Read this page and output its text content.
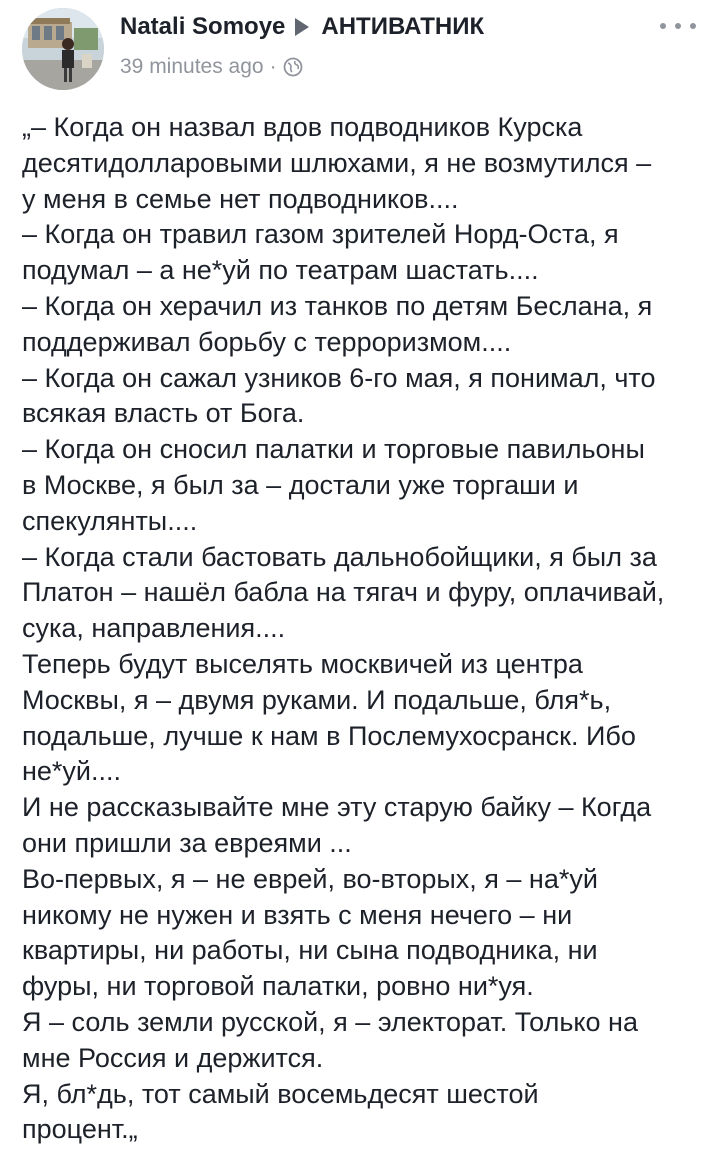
Natali Somoye АНТИВАТНИК
39 minutes ago ·
„– Когда он назвал вдов подводников Курска
десятидолларовыми шлюхами, я не возмутился –
у меня в семье нет подводников....
– Когда он травил газом зрителей Норд-Оста, я
подумал – а не*уй по театрам шастать....
– Когда он херачил из танков по детям Беслана, я
поддерживал борьбу с терроризмом....
– Когда он сажал узников 6-го мая, я понимал, что
всякая власть от Бога.
– Когда он сносил палатки и торговые павильоны
в Москве, я был за – достали уже торгаши и
спекулянты....
– Когда стали бастовать дальнобойщики, я был за
Платон – нашёл бабла на тягач и фуру, оплачивай,
сука, направления....
Теперь будут выселять москвичей из центра
Москвы, я – двумя руками. И подальше, бля*ь,
подальше, лучше к нам в Послемухосранск. Ибо
не*уй....
И не рассказывайте мне эту старую байку – Когда
они пришли за евреями ...
Во-первых, я – не еврей, во-вторых, я – на*уй
никому не нужен и взять с меня нечего – ни
квартиры, ни работы, ни сына подводника, ни
фуры, ни торговой палатки, ровно ни*уя.
Я – соль земли русской, я – электорат. Только на
мне Россия и держится.
Я, бл*дь, тот самый восемьдесят шестой
процент.„
